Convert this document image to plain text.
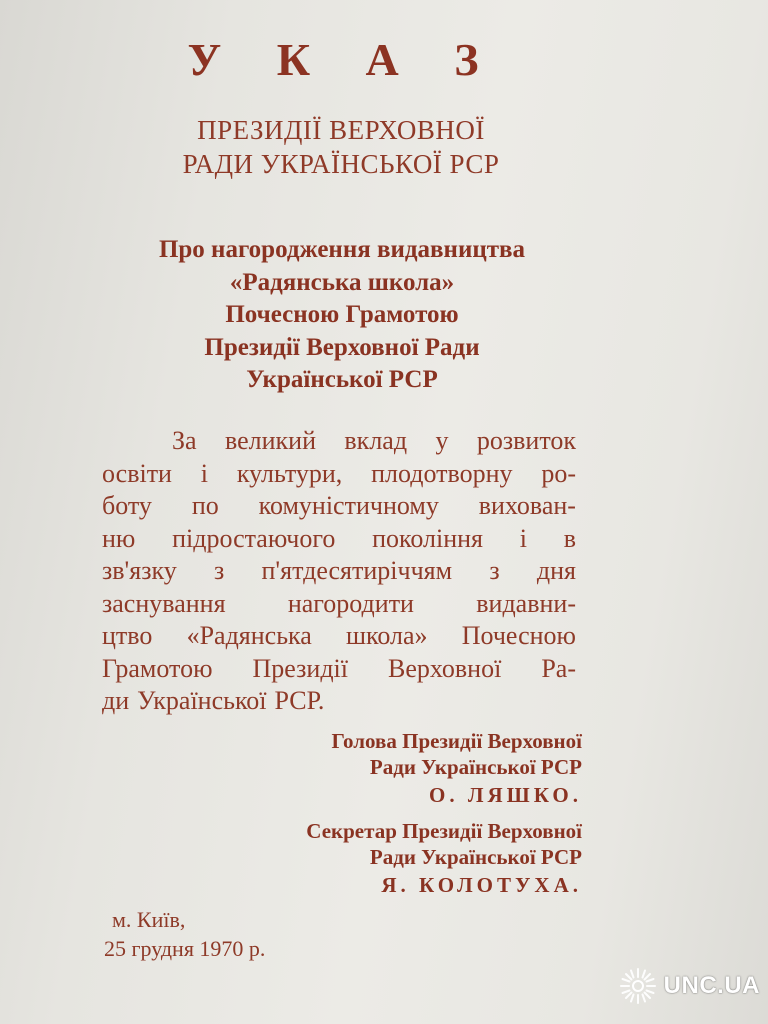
У К А З
ПРЕЗИДІЇ ВЕРХОВНОЇ
РАДИ УКРАЇНСЬКОЇ РСР
Про нагородження видавництва
«Радянська школа»
Почесною Грамотою
Президії Верховної Ради
Української РСР
За великий вклад у розвиток
освіти і культури, плодотворну ро-
боту по комуністичному вихован-
ню підростаючого покоління і в
зв'язку з п'ятдесятиріччям з дня
заснування нагородити видавни-
цтво «Радянська школа» Почесною
Грамотою Президії Верховної Ра-
ди Української РСР.
Голова Президії Верховної
Ради Української РСР
О. ЛЯШКО.
Секретар Президії Верховної
Ради Української РСР
Я. КОЛОТУХА.
м. Київ,
25 грудня 1970 р.
UNC.UA
